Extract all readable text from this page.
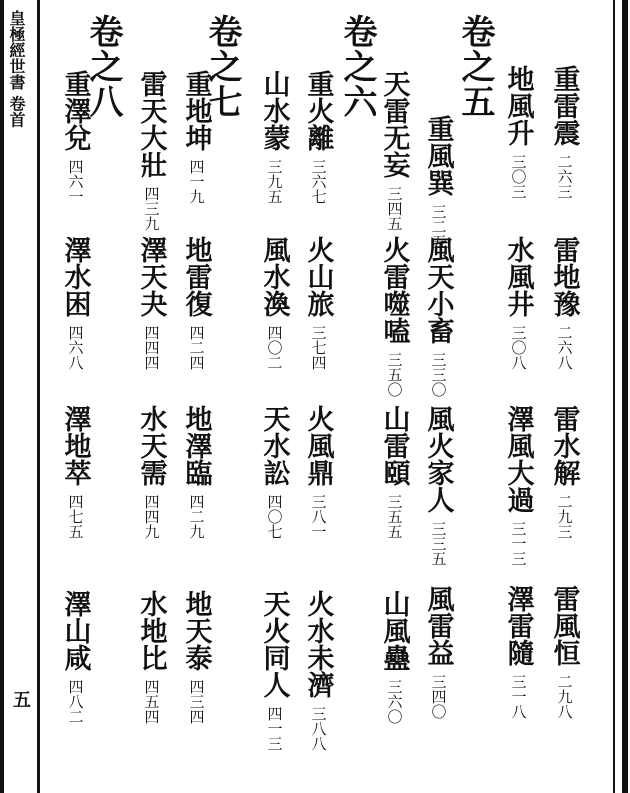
皇極經世書 卷首
五
卷之五
卷之六
卷之七
卷之八	重雷震
二六三
雷地豫
二六八
雷水解
二九三
雷風恒
二九八
地風升
三〇三
水風井
三〇八
澤風大過
三一三
澤雷隨
三一八
重風巽
三二五
風天小畜
三三〇
風火家人
三三五
風雷益
三四〇
天雷无妄
三四五
火雷噬嗑
三五〇
山雷頤
三五五
山風蠱
三六〇
重火離
三六七
火山旅
三七四
火風鼎
三八一
火水未濟
三八八
山水蒙
三九五
風水渙
四〇二
天水訟
四〇七
天火同人
四一三
重地坤
四一九
地雷復
四二四
地澤臨
四二九
地天泰
四三四
雷天大壯
四三九
澤天夬
四四四
水天需
四四九
水地比
四五四
重澤兌
四六一
澤水困
四六八
澤地萃
四七五
澤山咸
四八二
